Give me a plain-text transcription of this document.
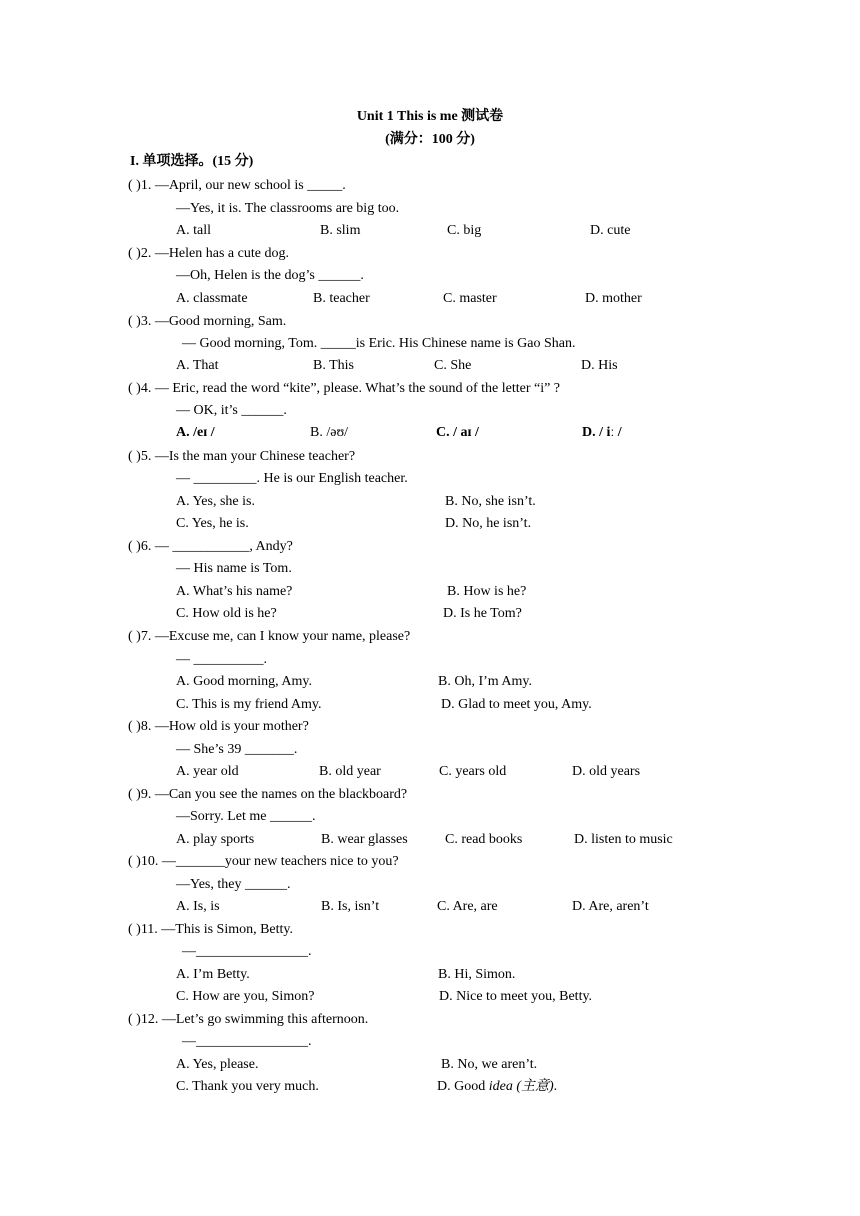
Unit 1 This is me 测试卷
(满分：100 分)
I. 单项选择。(15 分)
( )1. —April, our new school is _____.
—Yes, it is. The classrooms are big too.
A. tall	B. slim	C. big	D. cute
( )2. —Helen has a cute dog.
—Oh, Helen is the dog’s ______.
A. classmate	B. teacher	C. master	D. mother
( )3. —Good morning, Sam.
— Good morning, Tom. _____is Eric. His Chinese name is Gao Shan.
A. That	B. This	C. She	D. His
( )4. — Eric, read the word “kite”, please. What’s the sound of the letter “i” ?
— OK, it’s ______.
A. /eɪ /	B. /əʊ/	C. / aɪ /	D. / iː /
( )5. —Is the man your Chinese teacher?
— _________. He is our English teacher.
A. Yes, she is.	B. No, she isn’t.
C. Yes, he is.	D. No, he isn’t.
( )6. — ___________, Andy?
— His name is Tom.
A. What’s his name?	B. How is he?
C. How old is he?	D. Is he Tom?
( )7. —Excuse me, can I know your name, please?
— __________.
A. Good morning, Amy.	B. Oh, I’m Amy.
C. This is my friend Amy.	D. Glad to meet you, Amy.
( )8. —How old is your mother?
— She’s 39 _______.
A. year old	B. old year	C. years old	D. old years
( )9. —Can you see the names on the blackboard?
—Sorry. Let me ______.
A. play sports	B. wear glasses	C. read books	D. listen to music
( )10. —_______your new teachers nice to you?
—Yes, they ______.
A. Is, is	B. Is, isn’t	C. Are, are	D. Are, aren’t
( )11. —This is Simon, Betty.
—________________.
A. I’m Betty.	B. Hi, Simon.
C. How are you, Simon?	D. Nice to meet you, Betty.
( )12. —Let’s go swimming this afternoon.
—________________.
A. Yes, please.	B. No, we aren’t.
C. Thank you very much.	D. Good idea (主意).
